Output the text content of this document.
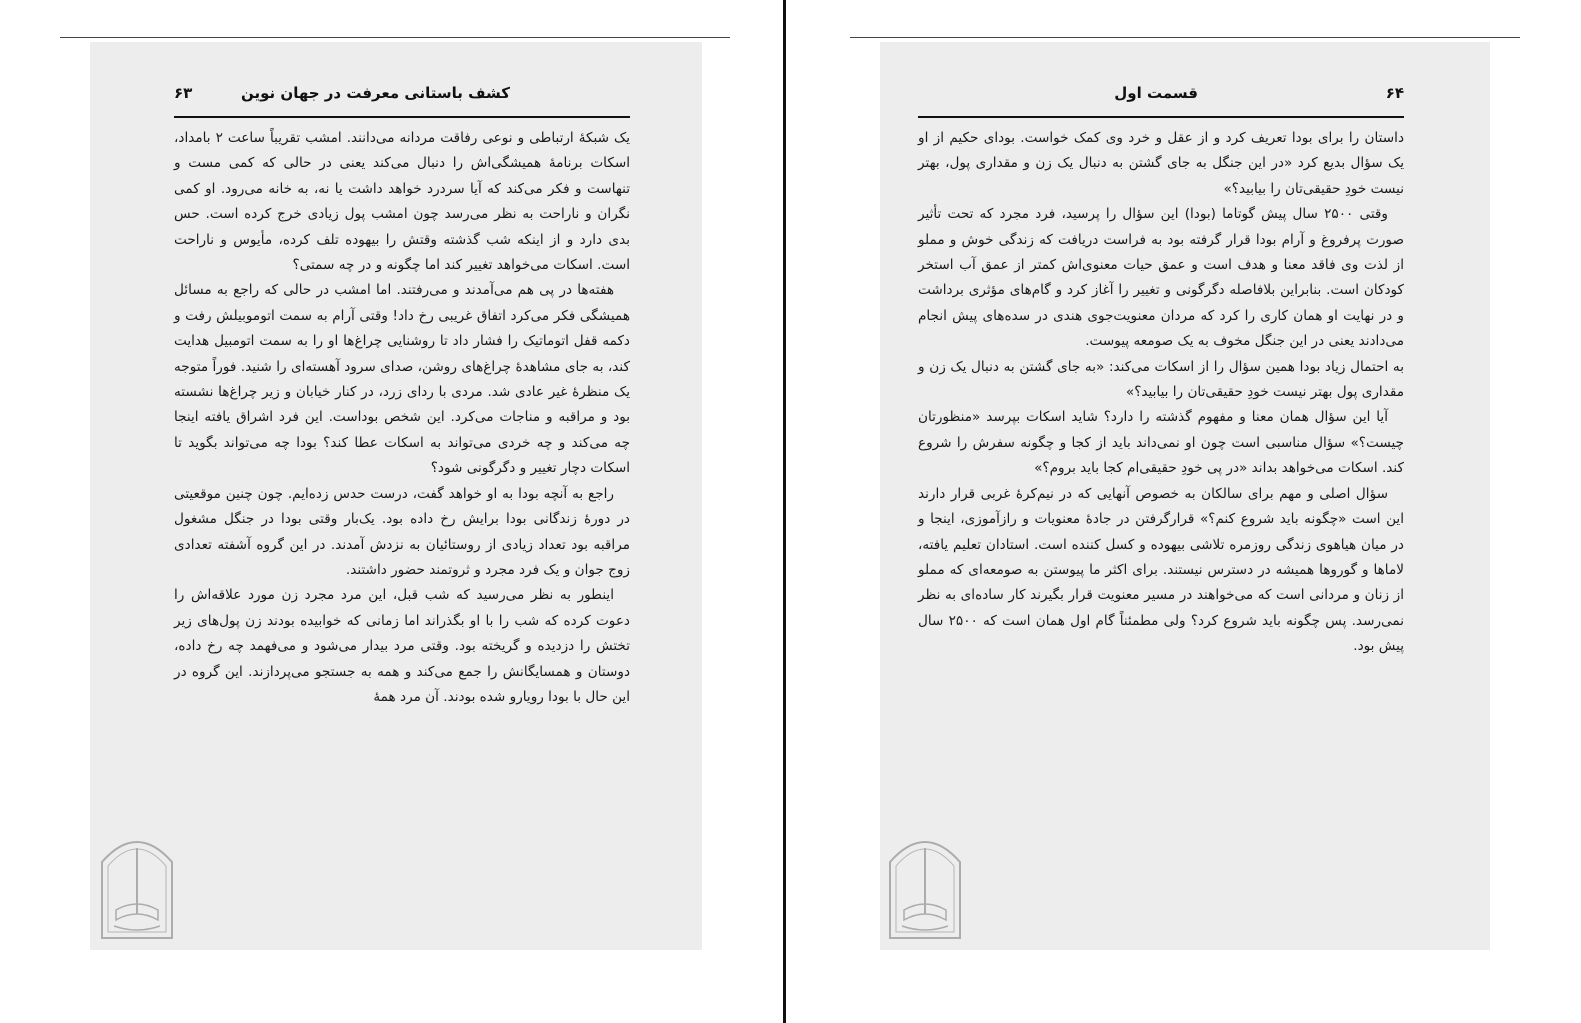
کشف باستانی معرفت در جهان نوین
۶۳

یک شبکهٔ ارتباطی و نوعی رفاقت مردانه می‌دانند. امشب تقریباً ساعت ۲ بامداد، اسکات برنامهٔ همیشگی‌اش را دنبال می‌کند یعنی در حالی که کمی مست و تنهاست و فکر می‌کند که آیا سردرد خواهد داشت یا نه، به خانه می‌رود. او کمی نگران و ناراحت به نظر می‌رسد چون امشب پول زیادی خرج کرده است. حس بدی دارد و از اینکه شب گذشته وقتش را بیهوده تلف کرده، مأیوس و ناراحت است. اسکات می‌خواهد تغییر کند اما چگونه و در چه سمتی؟

هفته‌ها در پی هم می‌آمدند و می‌رفتند. اما امشب در حالی که راجع به مسائل همیشگی فکر می‌کرد اتفاق غریبی رخ داد! وقتی آرام به سمت اتوموبیلش رفت و دکمه قفل اتوماتیک را فشار داد تا روشنایی چراغ‌ها او را به سمت اتومبیل هدایت کند، به جای مشاهدهٔ چراغ‌های روشن، صدای سرود آهسته‌ای را شنید. فوراً متوجه یک منظرهٔ غیر عادی شد. مردی با ردای زرد، در کنار خیابان و زیر چراغ‌ها نشسته بود و مراقبه و مناجات می‌کرد. این شخص بوداست. این فرد اشراق یافته اینجا چه می‌کند و چه خردی می‌تواند به اسکات عطا کند؟ بودا چه می‌تواند بگوید تا اسکات دچار تغییر و دگرگونی شود؟

راجع به آنچه بودا به او خواهد گفت، درست حدس زده‌ایم. چون چنین موقعیتی در دورهٔ زندگانی بودا برایش رخ داده بود. یک‌بار وقتی بودا در جنگل مشغول مراقبه بود تعداد زیادی از روستائیان به نزدش آمدند. در این گروه آشفته تعدادی زوج جوان و یک فرد مجرد و ثروتمند حضور داشتند.

اینطور به نظر می‌رسید که شب قبل، این مرد مجرد زن مورد علاقه‌اش را دعوت کرده که شب را با او بگذراند اما زمانی که خوابیده بودند زن پول‌های زیر تختش را دزدیده و گریخته بود. وقتی مرد بیدار می‌شود و می‌فهمد چه رخ داده، دوستان و همسایگانش را جمع می‌کند و همه به جستجو می‌پردازند. این گروه در این حال با بودا رویارو شده بودند. آن مرد همهٔ

۶۴
قسمت اول

داستان را برای بودا تعریف کرد و از عقل و خرد وی کمک خواست. بودای حکیم از او یک سؤال بدیع کرد «در این جنگل به جای گشتن به دنبال یک زن و مقداری پول، بهتر نیست خودِ حقیقی‌تان را بیابید؟»

وقتی ۲۵۰۰ سال پیش گوتاما (بودا) این سؤال را پرسید، فرد مجرد که تحت تأثیر صورت پرفروغ و آرام بودا قرار گرفته بود به فراست دریافت که زندگی خوش و مملو از لذت وی فاقد معنا و هدف است و عمق حیات معنوی‌اش کمتر از عمق آب استخر کودکان است. بنابراین بلافاصله دگرگونی و تغییر را آغاز کرد و گام‌های مؤثری برداشت و در نهایت او همان کاری را کرد که مردان معنویت‌جوی هندی در سده‌های پیش انجام می‌دادند یعنی در این جنگل مخوف به یک صومعه پیوست.

به احتمال زیاد بودا همین سؤال را از اسکات می‌کند: «به جای گشتن به دنبال یک زن و مقداری پول بهتر نیست خودِ حقیقی‌تان را بیابید؟»

آیا این سؤال همان معنا و مفهوم گذشته را دارد؟ شاید اسکات بپرسد «منظورتان چیست؟» سؤال مناسبی است چون او نمی‌داند باید از کجا و چگونه سفرش را شروع کند. اسکات می‌خواهد بداند «در پی خودِ حقیقی‌ام کجا باید بروم؟»

سؤال اصلی و مهم برای سالکان به خصوص آنهایی که در نیم‌کرهٔ غربی قرار دارند این است «چگونه باید شروع کنم؟» قرارگرفتن در جادهٔ معنویات و رازآموزی، اینجا و در میان هیاهوی زندگی روزمره تلاشی بیهوده و کسل کننده است. استادان تعلیم یافته، لاماها و گوروها همیشه در دسترس نیستند. برای اکثر ما پیوستن به صومعه‌ای که مملو از زنان و مردانی است که می‌خواهند در مسیر معنویت قرار بگیرند کار ساده‌ای به نظر نمی‌رسد. پس چگونه باید شروع کرد؟ ولی مطمئناً گام اول همان است که ۲۵۰۰ سال پیش بود.
